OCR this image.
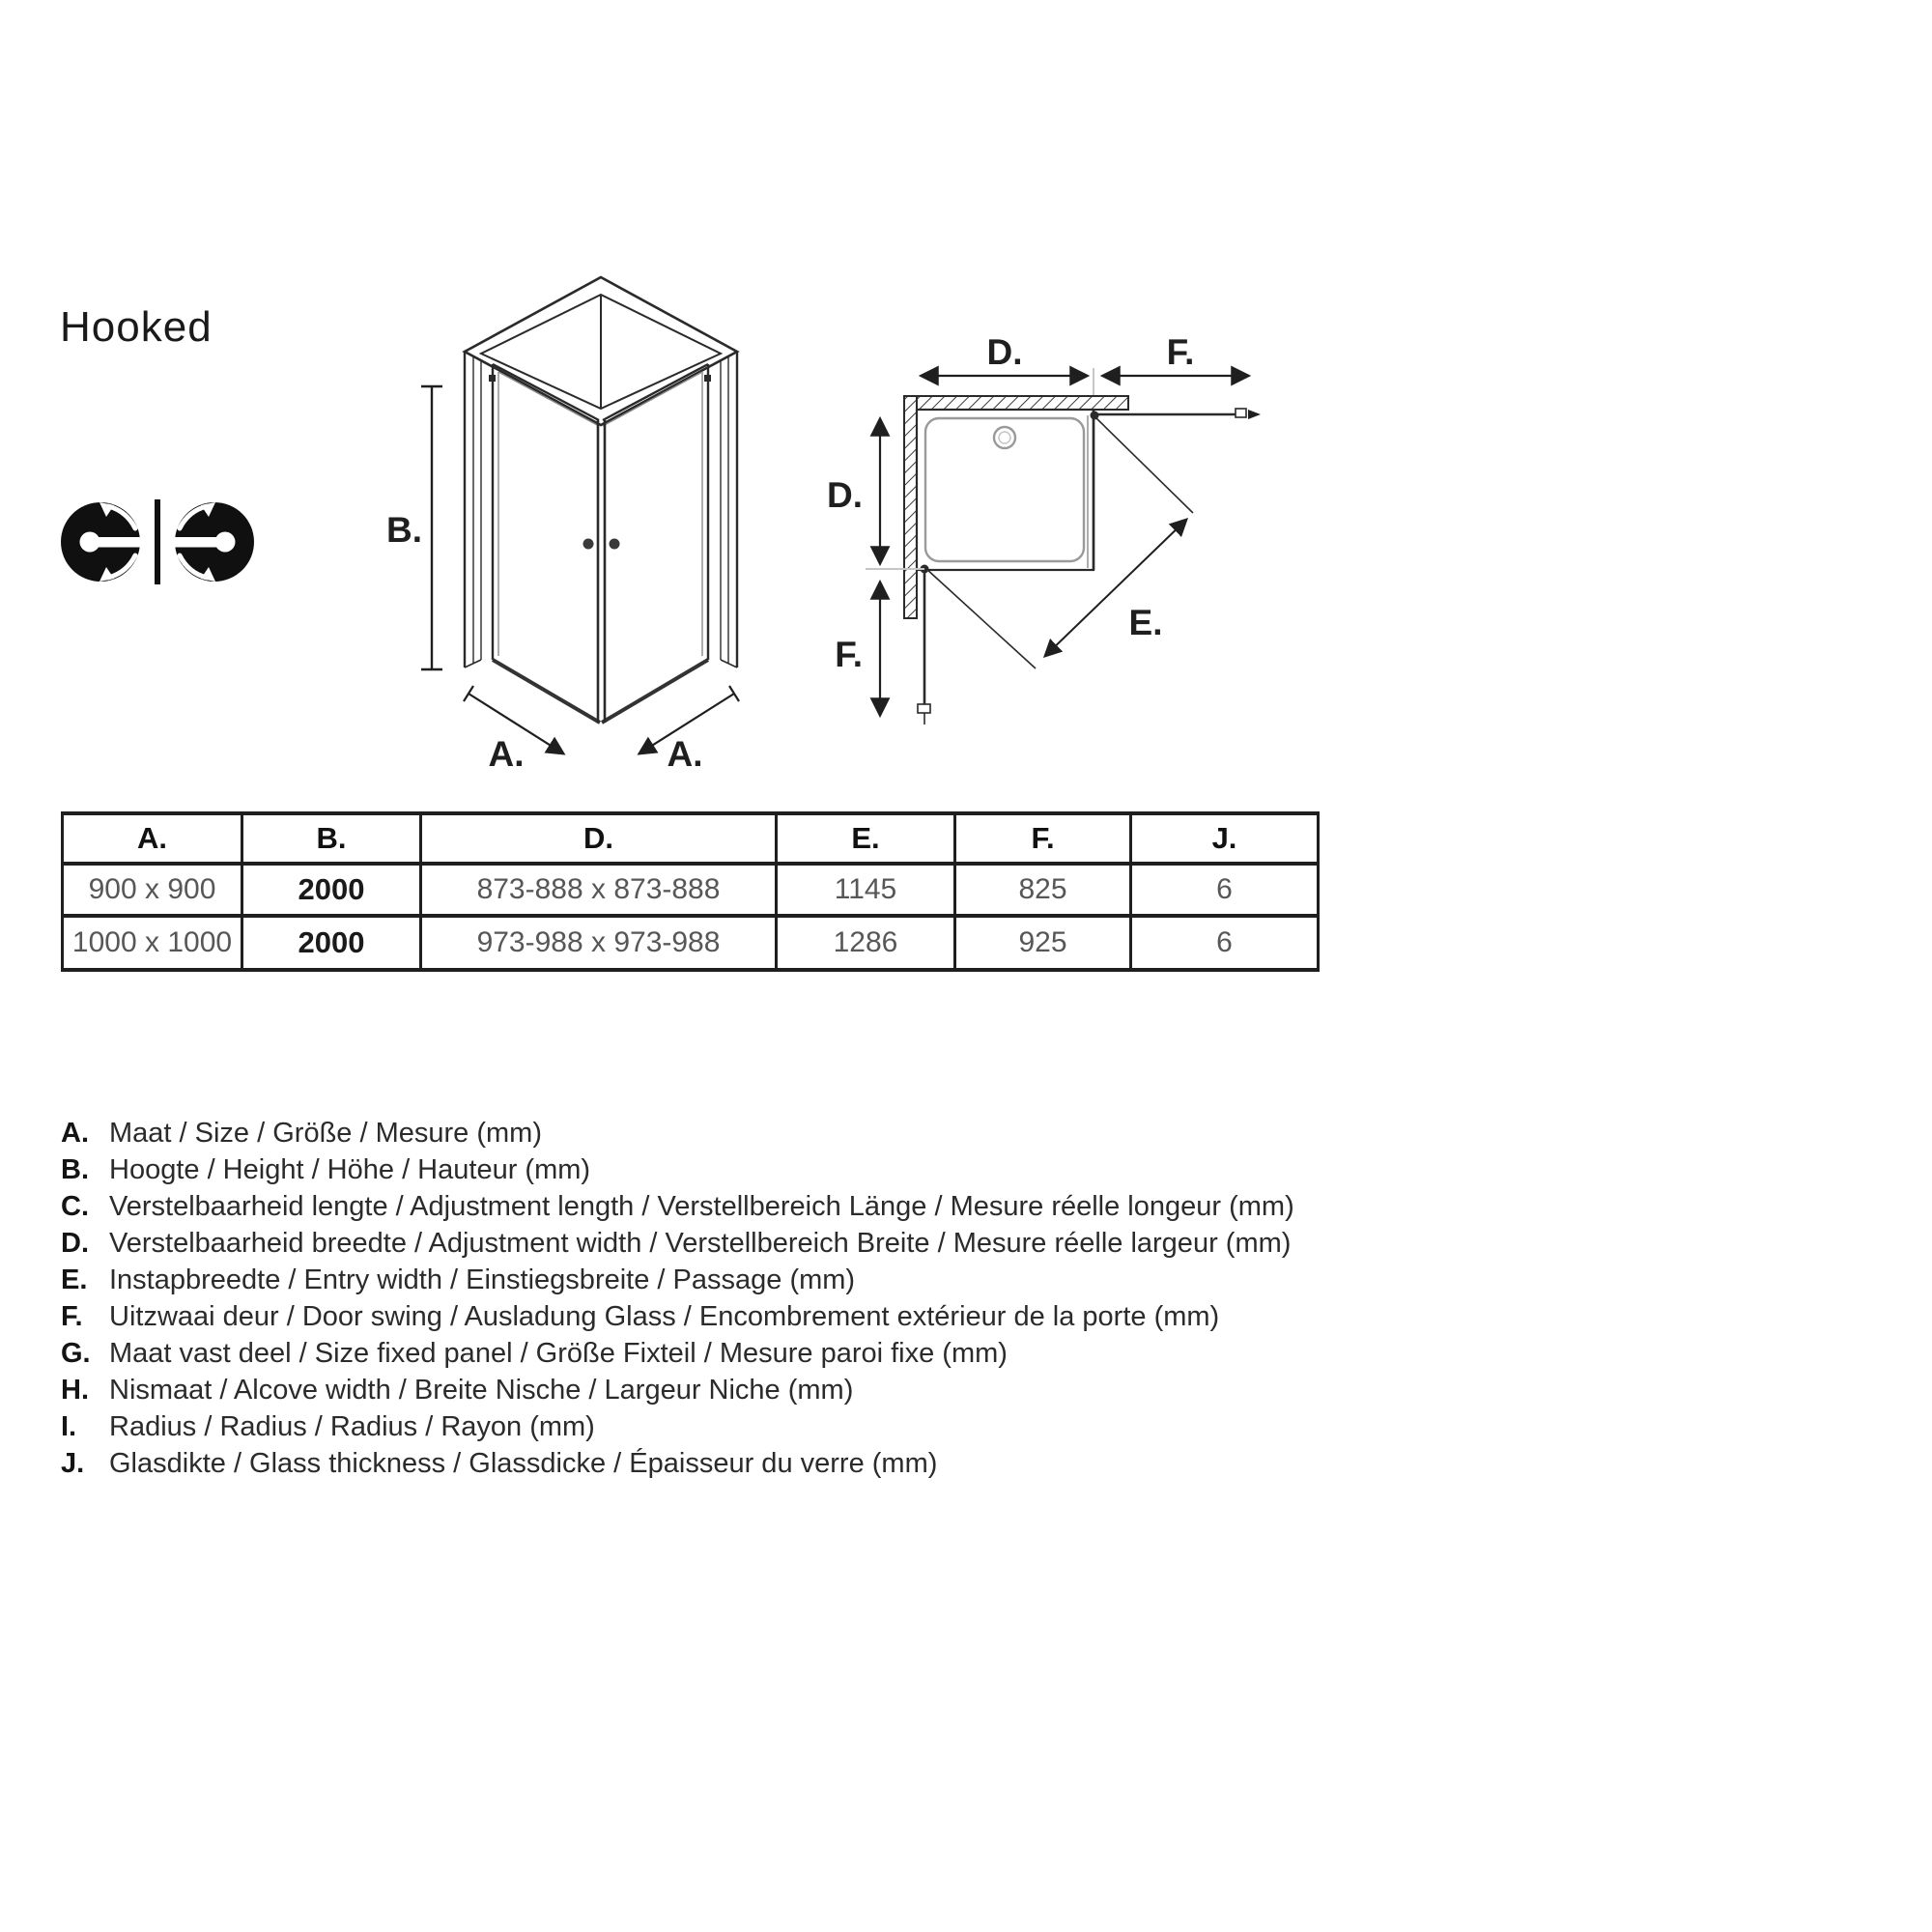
Hooked
B.
A.	A.
D.	F.
E.
D.
F.
A.	B.	D.	E.	F.	J.
900 x 900	2000	873-888 x 873-888	1145	825	6
1000 x 1000	2000	973-988 x 973-988	1286	925	6
A. Maat / Size / Größe / Mesure (mm)
B. Hoogte / Height / Höhe / Hauteur (mm)
C. Verstelbaarheid lengte / Adjustment length / Verstellbereich Länge / Mesure réelle longeur (mm)
D. Verstelbaarheid breedte / Adjustment width / Verstellbereich Breite / Mesure réelle largeur (mm)
E. Instapbreedte / Entry width / Einstiegsbreite / Passage (mm)
F. Uitzwaai deur / Door swing / Ausladung Glass / Encombrement extérieur de la porte (mm)
G. Maat vast deel / Size fixed panel / Größe Fixteil / Mesure paroi fixe (mm)
H. Nismaat / Alcove width / Breite Nische / Largeur Niche (mm)
I.	Radius / Radius / Radius / Rayon (mm)
J. Glasdikte / Glass thickness / Glassdicke / Épaisseur du verre (mm)
